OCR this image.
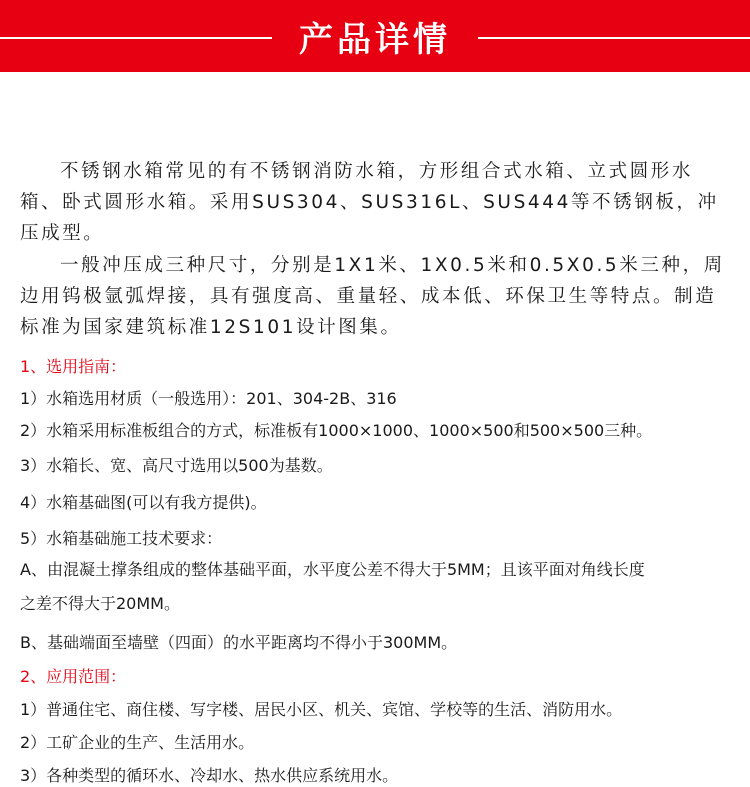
产品详情

不锈钢水箱常见的有不锈钢消防水箱，方形组合式水箱、立式圆形水箱、卧式圆形水箱。采用SUS304、SUS316L、SUS444等不锈钢板，冲压成型。

一般冲压成三种尺寸，分别是1X1米、1X0.5米和0.5X0.5米三种，周边用钨极氩弧焊接，具有强度高、重量轻、成本低、环保卫生等特点。制造标准为国家建筑标准12S101设计图集。

1、选用指南：
1）水箱选用材质（一般选用）：201、304-2B、316
2）水箱采用标准板组合的方式，标准板有1000×1000、1000×500和500×500三种。
3）水箱长、宽、高尺寸选用以500为基数。
4）水箱基础图(可以有我方提供)。
5）水箱基础施工技术要求：
A、由混凝土撑条组成的整体基础平面，水平度公差不得大于5MM；且该平面对角线长度
之差不得大于20MM。
B、基础端面至墙壁（四面）的水平距离均不得小于300MM。
2、应用范围：
1）普通住宅、商住楼、写字楼、居民小区、机关、宾馆、学校等的生活、消防用水。
2）工矿企业的生产、生活用水。
3）各种类型的循环水、冷却水、热水供应系统用水。
